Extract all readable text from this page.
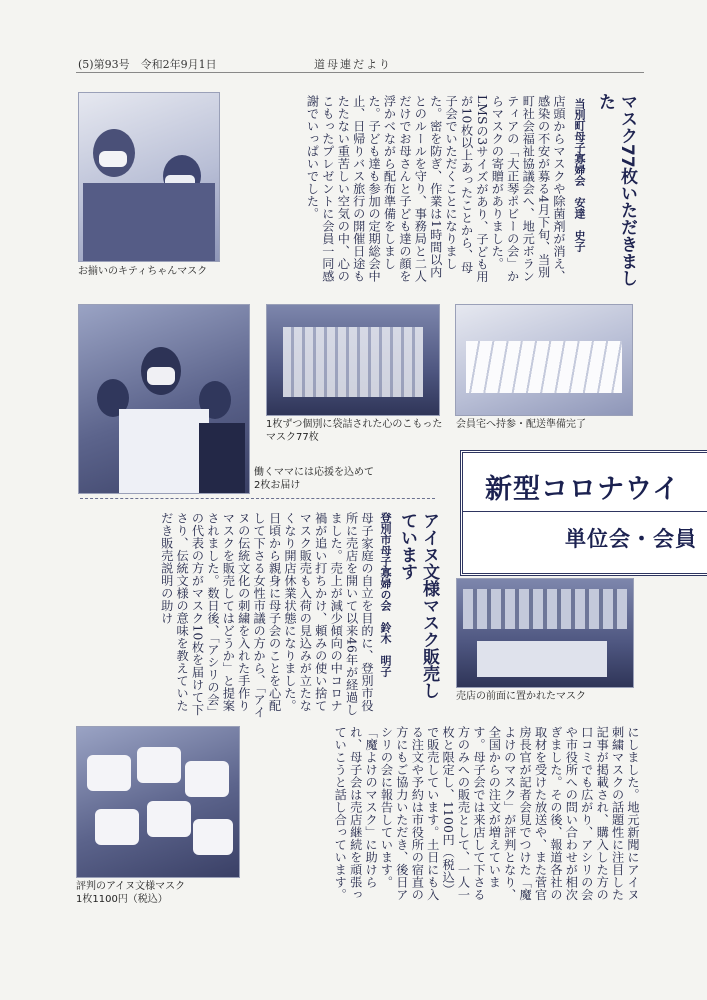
(5)第93号　令和2年9月1日	道母連だより
お揃いのキティちゃんマスク	マスク77枚いただきました
当別町母子寡婦会　安達　史子
店頭からマスクや除菌剤が消え、感染の不安が募る4月下旬、当別町社会福祉協議会へ、地元ボランティアの「大正琴ポビーの会」からマスクの寄贈がありました。LMSの3サイズがあり、子ども用が10枚以上あったことから、母子会でいただくことになりました。密を防ぎ、作業は1時間以内とのルールを守り、事務局と二人だけでお母さんと子ども達の顔を浮かべながら配布準備をしました。子ども達も参加の定期総会中止、日帰りバス旅行の開催日途もたたない重苦しい空気の中、心のこもったプレゼントに会員一同感謝でいっぱいでした。
働くママには応援を込めて
2枚お届け
1枚ずつ個別に袋詰された心のこもったマスク77枚
会員宅へ持参・配送準備完了
新型コロナウイ
単位会・会員
アイヌ文様マスク販売しています
登別市母子寡婦の会　鈴木　明子
母子家庭の自立を目的に、登別市役所に売店を開いて以来46年が経過しました。売上が減少傾向の中コロナ禍が追い打ちかけ、頼みの使い捨てマスク販売も入荷の見込みが立たなくなり開店休業状態になりました。日頃から親身に母子会のことを心配して下さる女性市議の方から、「アイヌの伝統文化の刺繍を入れた手作りマスクを販売してはどうか」と提案されました。数日後、「アシリの会」の代表の方がマスク10枚を届けて下さり、伝統文様の意味を教えていただき販売説明の助け
売店の前面に置かれたマスク
評判のアイヌ文様マスク
1枚1100円（税込）	にしました。地元新聞にアイヌ刺繍マスクの話題性に注目した記事が掲載され、購入した方の口コミでも広がり、アシリの会や市役所への問い合わせが相次ぎました。その後、報道各社の取材を受けた放送や、また菅官房長官が記者会見でつけた「魔よけのマスク」が評判となり、全国からの注文が増えています。母子会では来店して下さる方のみへの販売として、一人一枚と限定し、1100円（税込）で販売しています。土日にも入る注文や予約は市役所の宿直の方にもご協力いただき、後日アシリの会に報告しています。「魔よけのマスク」に助けられ、母子会は売店継続を頑張っていこうと話し合っています。
